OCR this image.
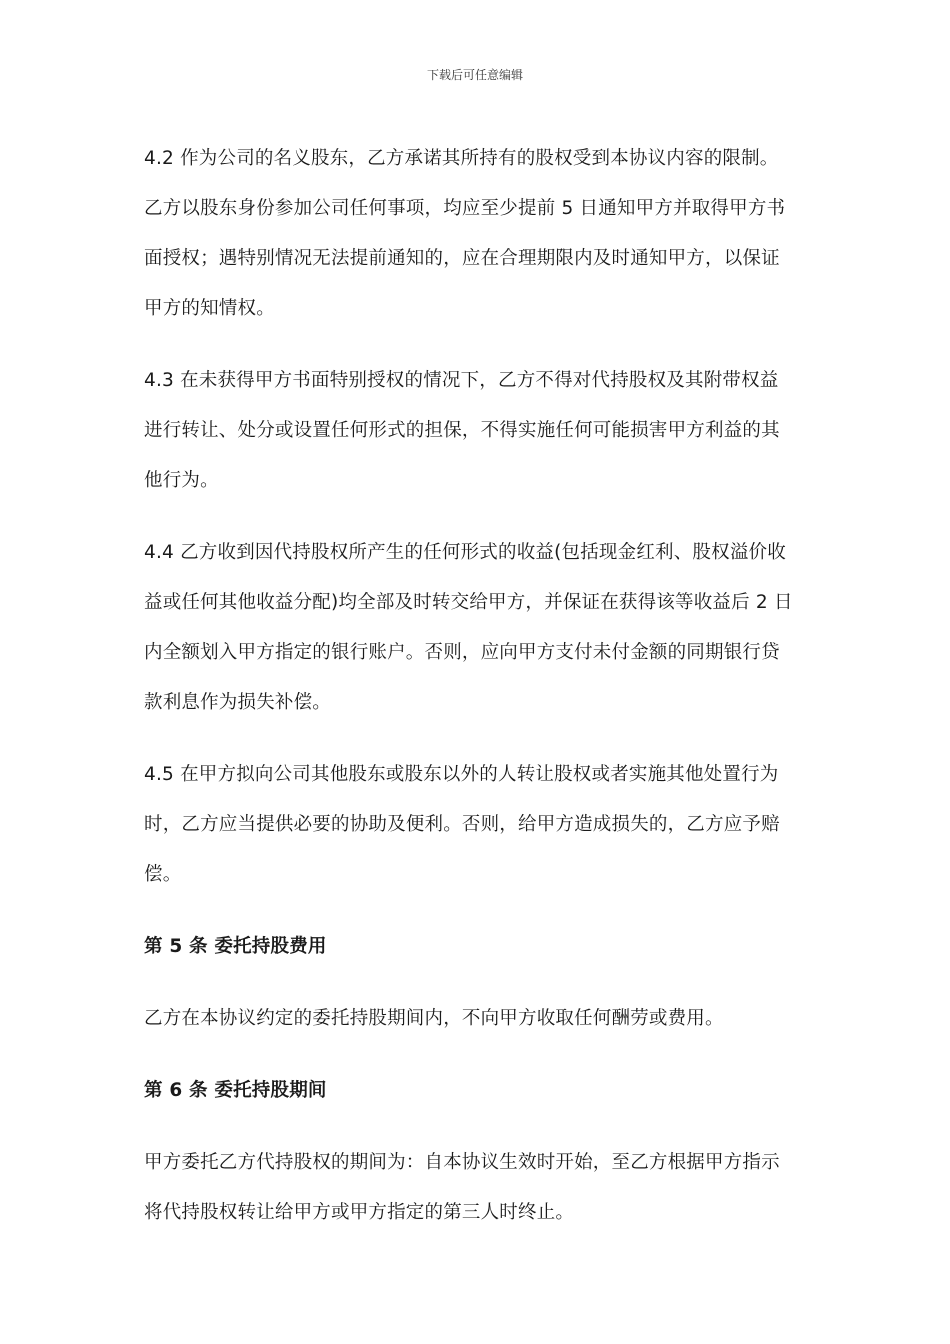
下载后可任意编辑

4.2 作为公司的名义股东，乙方承诺其所持有的股权受到本协议内容的限制。
乙方以股东身份参加公司任何事项，均应至少提前 5 日通知甲方并取得甲方书
面授权；遇特别情况无法提前通知的，应在合理期限内及时通知甲方，以保证
甲方的知情权。

4.3 在未获得甲方书面特别授权的情况下，乙方不得对代持股权及其附带权益
进行转让、处分或设置任何形式的担保，不得实施任何可能损害甲方利益的其
他行为。

4.4 乙方收到因代持股权所产生的任何形式的收益(包括现金红利、股权溢价收
益或任何其他收益分配)均全部及时转交给甲方，并保证在获得该等收益后 2 日
内全额划入甲方指定的银行账户。否则，应向甲方支付未付金额的同期银行贷
款利息作为损失补偿。

4.5 在甲方拟向公司其他股东或股东以外的人转让股权或者实施其他处置行为
时，乙方应当提供必要的协助及便利。否则，给甲方造成损失的，乙方应予赔
偿。

第 5 条 委托持股费用

乙方在本协议约定的委托持股期间内，不向甲方收取任何酬劳或费用。

第 6 条 委托持股期间

甲方委托乙方代持股权的期间为：自本协议生效时开始，至乙方根据甲方指示
将代持股权转让给甲方或甲方指定的第三人时终止。
